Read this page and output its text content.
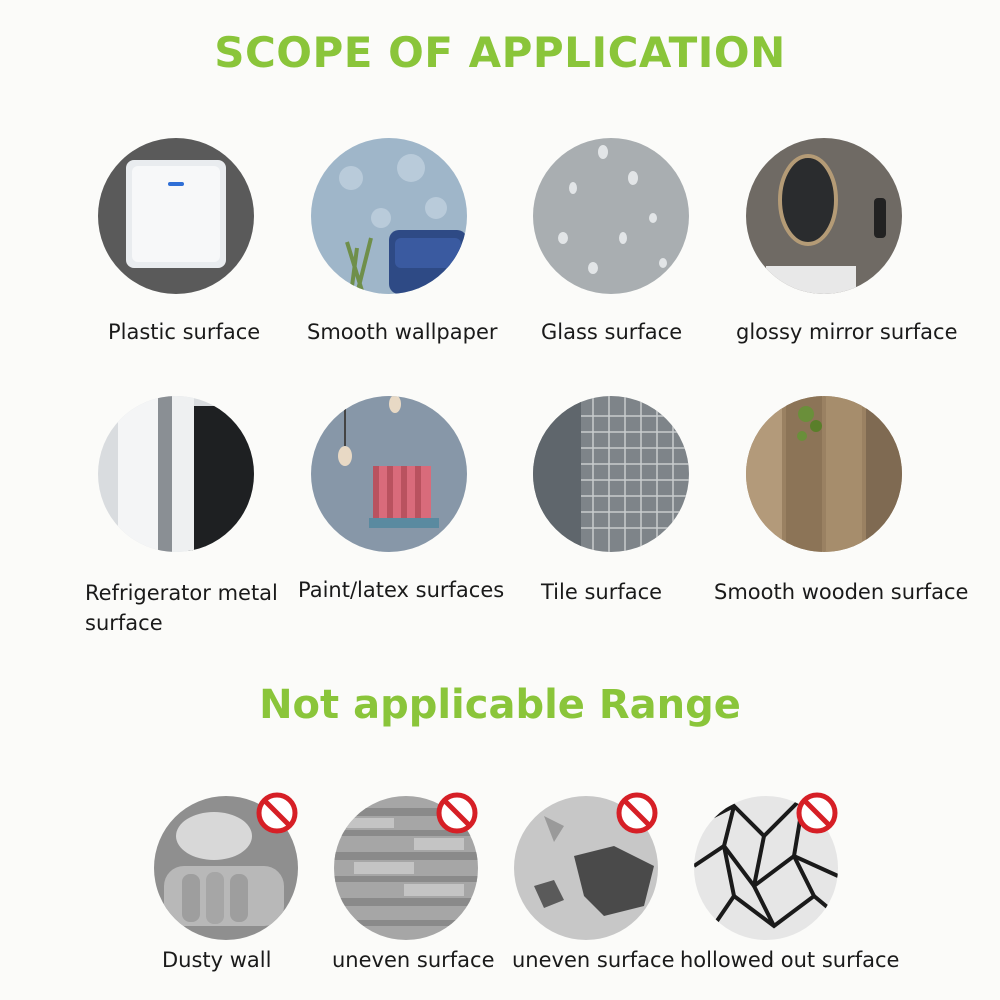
SCOPE OF APPLICATION
Plastic surface Smooth wallpaper Glass surface	glossy mirror surface
Refrigerator metal surface
Paint/latex surfaces Tile surface Smooth wooden surface
Not applicable Range
Dusty wall	uneven surface uneven surface hollowed out surface
